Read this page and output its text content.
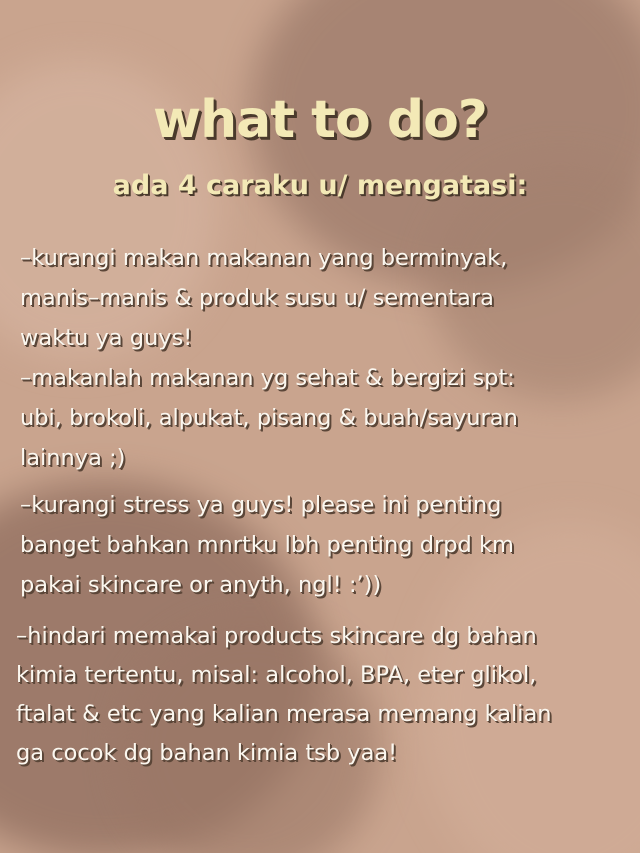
what to do?
ada 4 caraku u/ mengatasi:
–kurangi makan makanan yang berminyak,
manis–manis & produk susu u/ sementara
waktu ya guys!
–makanlah makanan yg sehat & bergizi spt:
ubi, brokoli, alpukat, pisang & buah/sayuran
lainnya ;)
–kurangi stress ya guys! please ini penting
banget bahkan mnrtku lbh penting drpd km
pakai skincare or anyth, ngl! :’))
–hindari memakai products skincare dg bahan
kimia tertentu, misal: alcohol, BPA, eter glikol,
ftalat & etc yang kalian merasa memang kalian
ga cocok dg bahan kimia tsb yaa!
